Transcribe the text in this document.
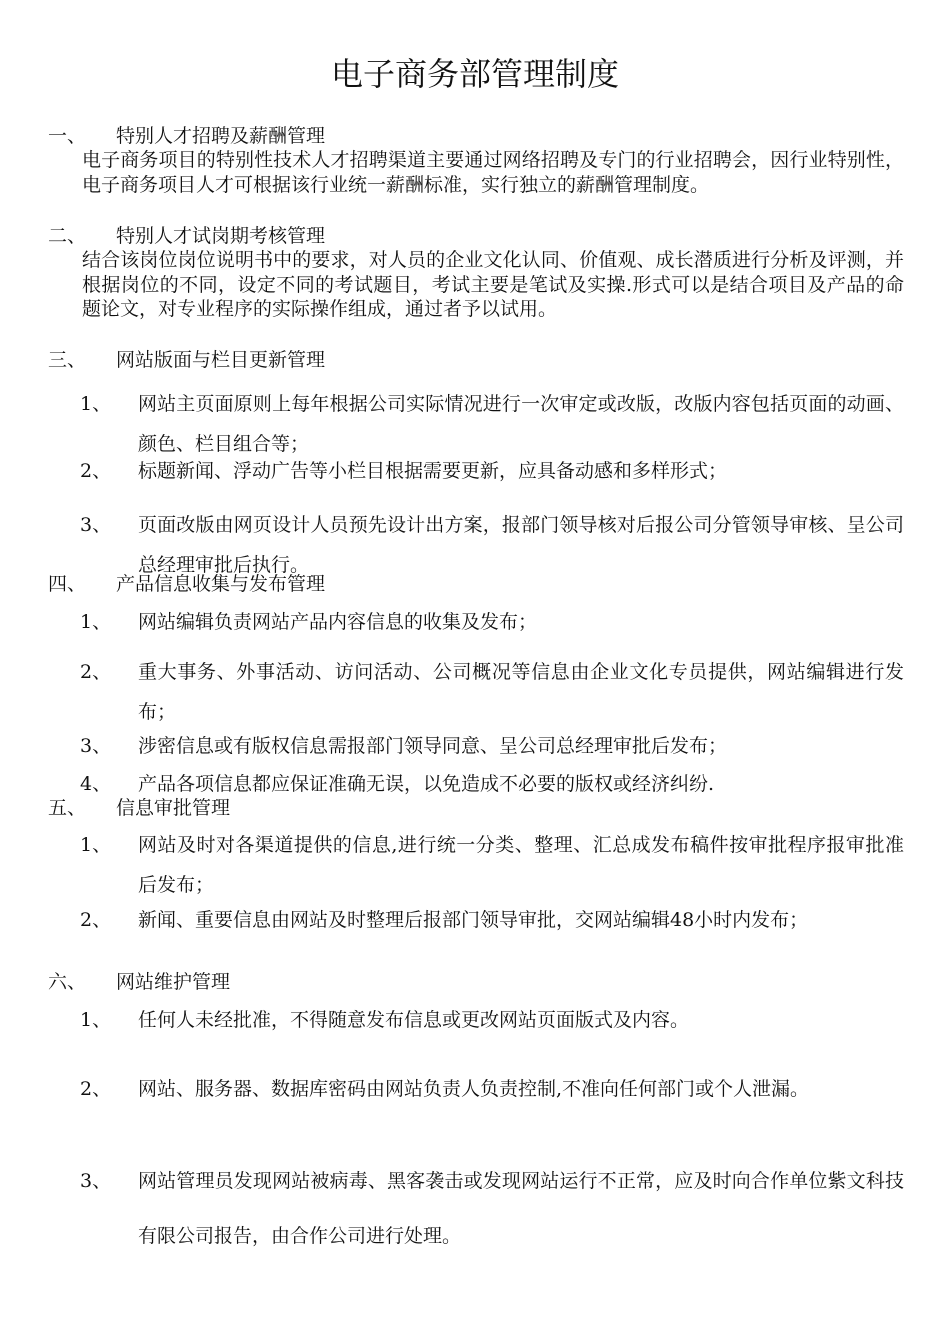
电子商务部管理制度
一、 特别人才招聘及薪酬管理
电子商务项目的特别性技术人才招聘渠道主要通过网络招聘及专门的行业招聘会，因行业特别性，电子商务项目人才可根据该行业统一薪酬标准，实行独立的薪酬管理制度。
二、 特别人才试岗期考核管理
结合该岗位岗位说明书中的要求，对人员的企业文化认同、价值观、成长潜质进行分析及评测，并根据岗位的不同，设定不同的考试题目，考试主要是笔试及实操.形式可以是结合项目及产品的命题论文，对专业程序的实际操作组成，通过者予以试用。
三、 网站版面与栏目更新管理
1、 网站主页面原则上每年根据公司实际情况进行一次审定或改版，改版内容包括页面的动画、颜色、栏目组合等；
2、 标题新闻、浮动广告等小栏目根据需要更新，应具备动感和多样形式；
3、 页面改版由网页设计人员预先设计出方案，报部门领导核对后报公司分管领导审核、呈公司总经理审批后执行。
四、 产品信息收集与发布管理
1、 网站编辑负责网站产品内容信息的收集及发布；
2、 重大事务、外事活动、访问活动、公司概况等信息由企业文化专员提供，网站编辑进行发布；
3、 涉密信息或有版权信息需报部门领导同意、呈公司总经理审批后发布；
4、 产品各项信息都应保证准确无误，以免造成不必要的版权或经济纠纷.
五、 信息审批管理
1、 网站及时对各渠道提供的信息,进行统一分类、整理、汇总成发布稿件按审批程序报审批准后发布；
2、 新闻、重要信息由网站及时整理后报部门领导审批，交网站编辑48小时内发布；
六、 网站维护管理
1、 任何人未经批准，不得随意发布信息或更改网站页面版式及内容。
2、 网站、服务器、数据库密码由网站负责人负责控制,不准向任何部门或个人泄漏。
3、 网站管理员发现网站被病毒、黑客袭击或发现网站运行不正常，应及时向合作单位紫文科技有限公司报告，由合作公司进行处理。
